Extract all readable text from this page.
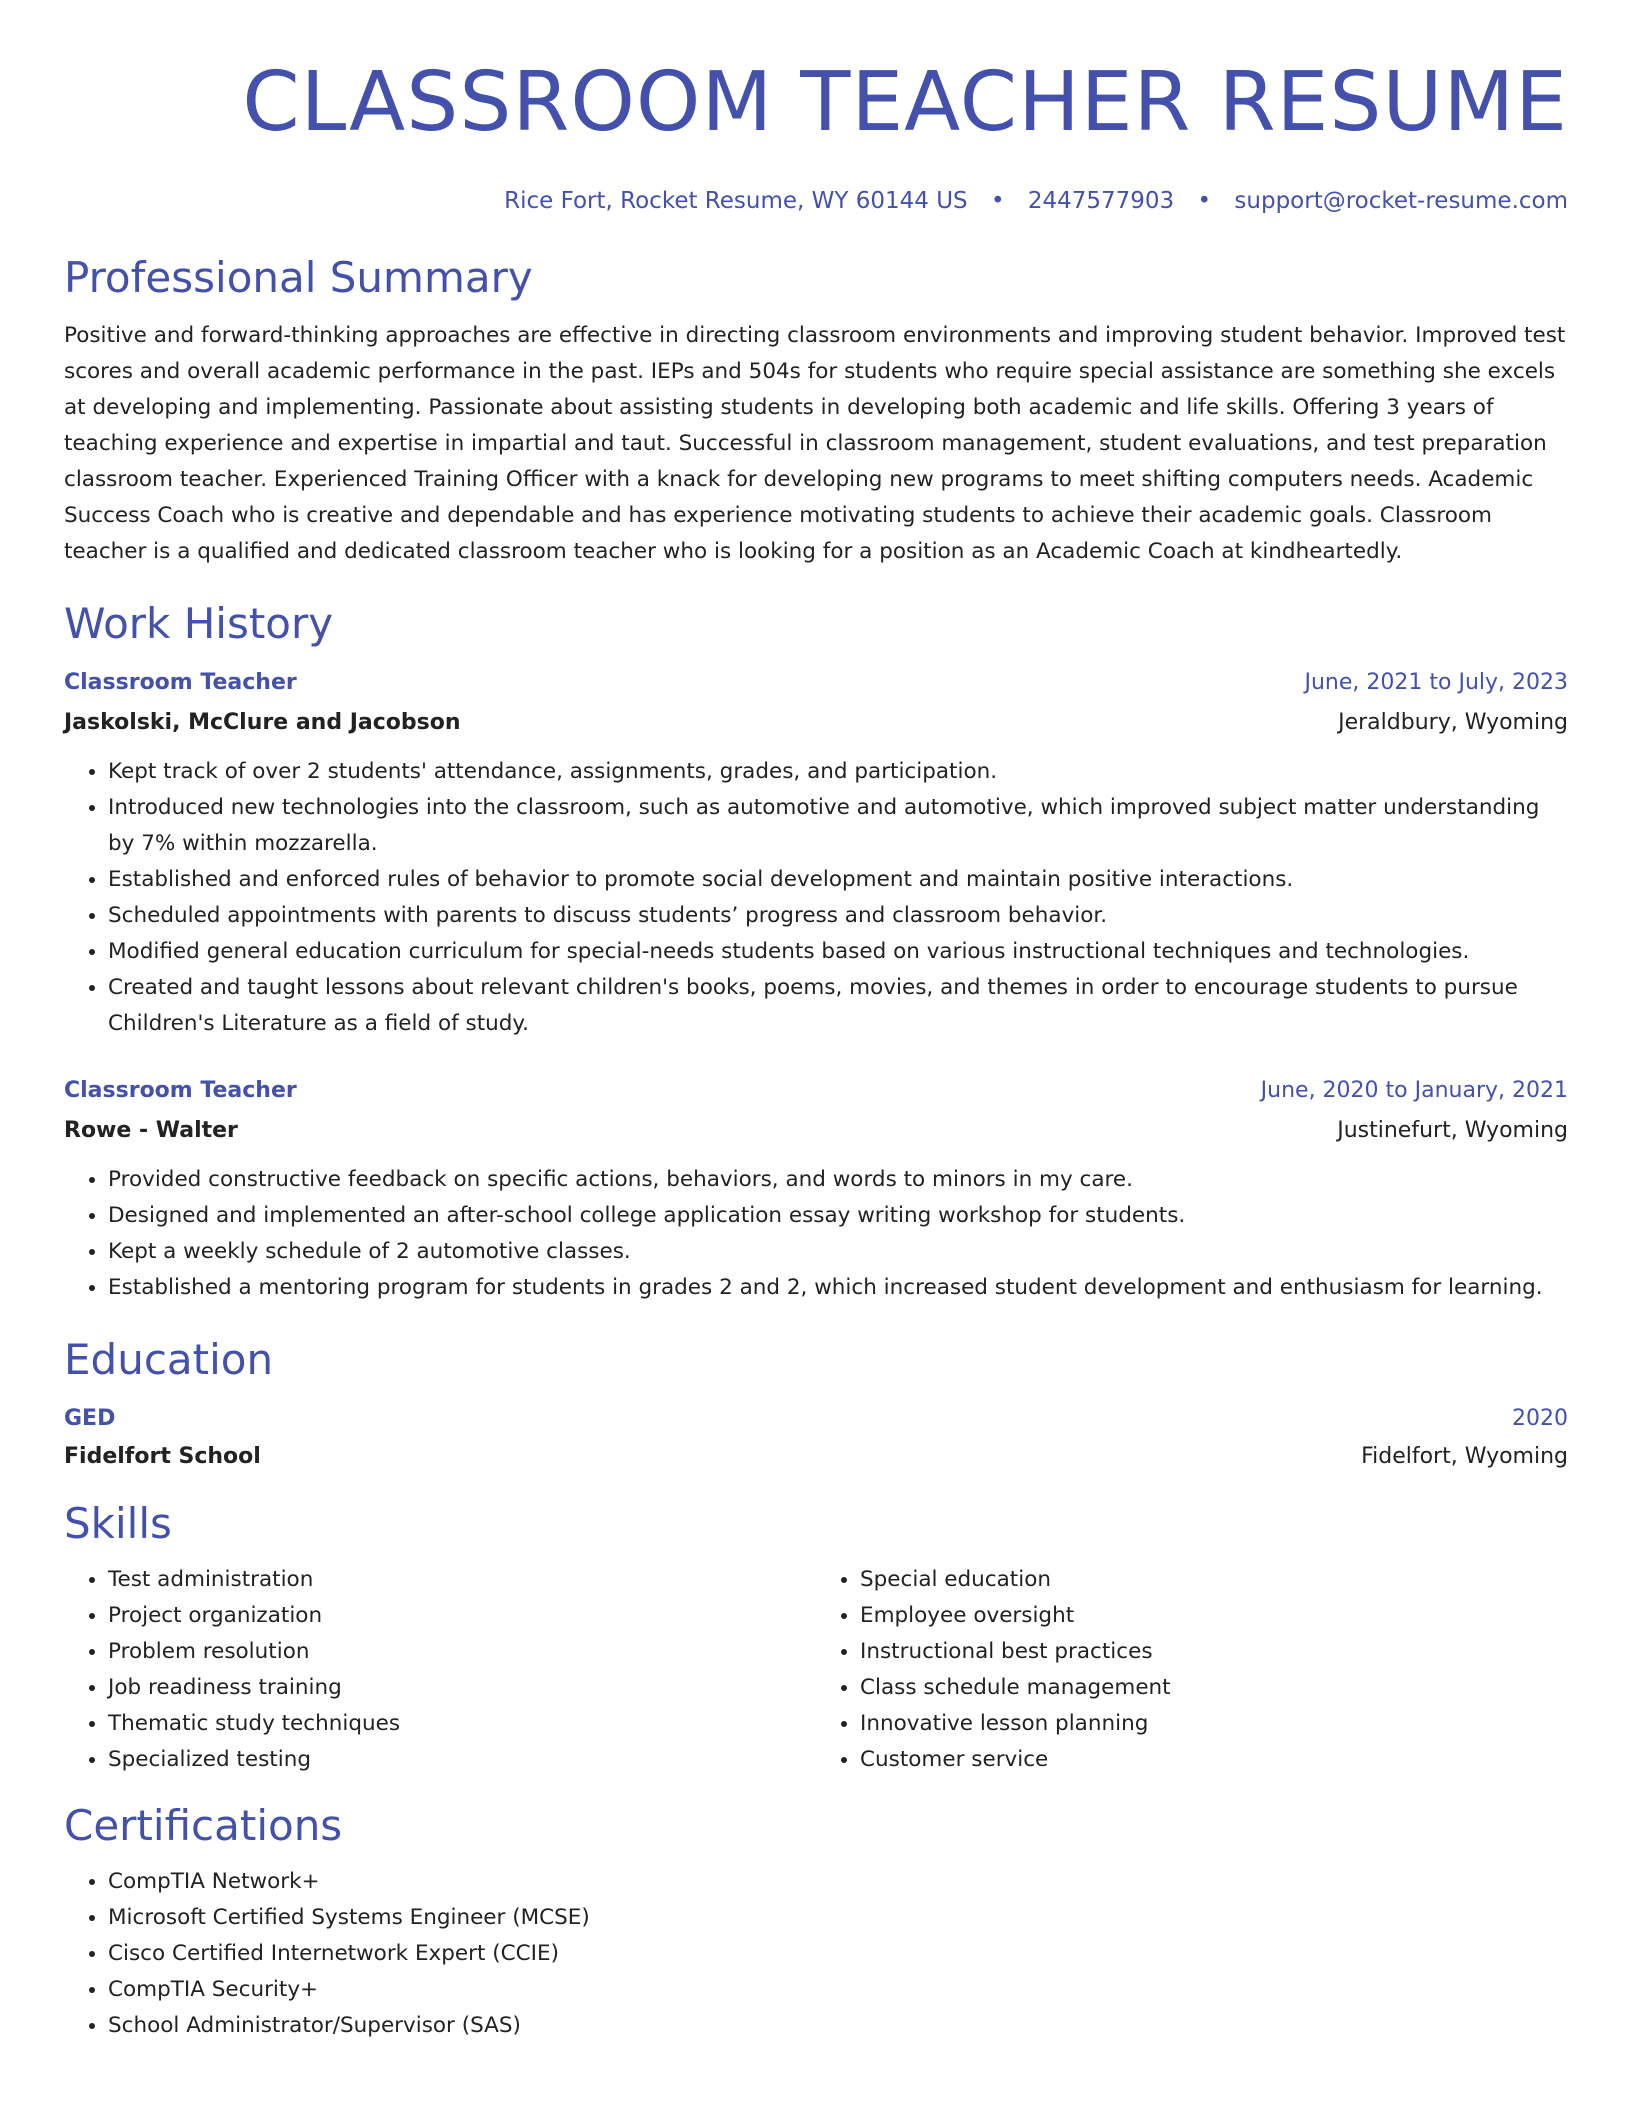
CLASSROOM TEACHER RESUME
Rice Fort, Rocket Resume, WY 60144 US • 2447577903 • support@rocket-resume.com
Professional Summary

Positive and forward-thinking approaches are effective in directing classroom environments and improving student behavior. Improved test scores and overall academic performance in the past. IEPs and 504s for students who require special assistance are something she excels at developing and implementing. Passionate about assisting students in developing both academic and life skills. Offering 3 years of teaching experience and expertise in impartial and taut. Successful in classroom management, student evaluations, and test preparation classroom teacher. Experienced Training Officer with a knack for developing new programs to meet shifting computers needs. Academic Success Coach who is creative and dependable and has experience motivating students to achieve their academic goals. Classroom teacher is a qualified and dedicated classroom teacher who is looking for a position as an Academic Coach at kindheartedly.

Work History
Classroom Teacher	June, 2021 to July, 2023
Jaskolski, McClure and Jacobson	Jeraldbury, Wyoming
• Kept track of over 2 students' attendance, assignments, grades, and participation.
• Introduced new technologies into the classroom, such as automotive and automotive, which improved subject matter understanding by 7% within mozzarella.
• Established and enforced rules of behavior to promote social development and maintain positive interactions.
• Scheduled appointments with parents to discuss students’ progress and classroom behavior.
• Modified general education curriculum for special-needs students based on various instructional techniques and technologies.
• Created and taught lessons about relevant children's books, poems, movies, and themes in order to encourage students to pursue Children's Literature as a field of study.
Classroom Teacher	June, 2020 to January, 2021
Rowe - Walter	Justinefurt, Wyoming
• Provided constructive feedback on specific actions, behaviors, and words to minors in my care.
• Designed and implemented an after-school college application essay writing workshop for students.
• Kept a weekly schedule of 2 automotive classes.
• Established a mentoring program for students in grades 2 and 2, which increased student development and enthusiasm for learning.
Education
GED	2020
Fidelfort School	Fidelfort, Wyoming
Skills
• Test administration
• Project organization
• Problem resolution
• Job readiness training
• Thematic study techniques
• Specialized testing
• Special education
• Employee oversight
• Instructional best practices
• Class schedule management
• Innovative lesson planning
• Customer service
Certifications
• CompTIA Network+
• Microsoft Certified Systems Engineer (MCSE)
• Cisco Certified Internetwork Expert (CCIE)
• CompTIA Security+
• School Administrator/Supervisor (SAS)
